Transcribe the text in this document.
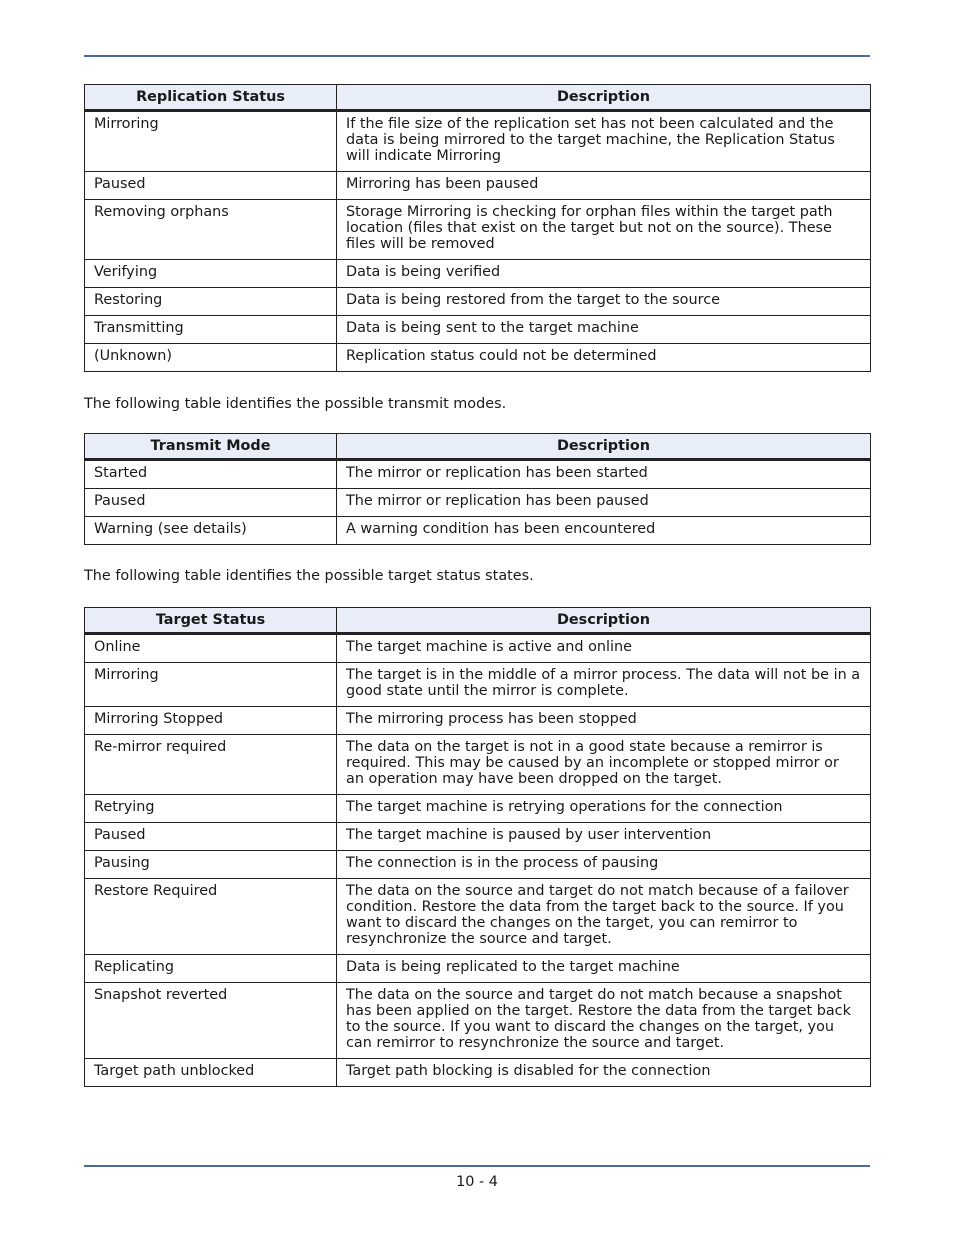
Replication Status	Description
Mirroring	If the file size of the replication set has not been calculated and the data is being mirrored to the target machine, the Replication Status will indicate Mirroring
Paused	Mirroring has been paused
Removing orphans	Storage Mirroring is checking for orphan files within the target path location (files that exist on the target but not on the source). These files will be removed
Verifying	Data is being verified
Restoring	Data is being restored from the target to the source
Transmitting	Data is being sent to the target machine
(Unknown)	Replication status could not be determined

The following table identifies the possible transmit modes.

Transmit Mode	Description
Started	The mirror or replication has been started
Paused	The mirror or replication has been paused
Warning (see details)	A warning condition has been encountered

The following table identifies the possible target status states.

Target Status	Description
Online	The target machine is active and online
Mirroring	The target is in the middle of a mirror process. The data will not be in a good state until the mirror is complete.
Mirroring Stopped	The mirroring process has been stopped
Re-mirror required	The data on the target is not in a good state because a remirror is required. This may be caused by an incomplete or stopped mirror or an operation may have been dropped on the target.
Retrying	The target machine is retrying operations for the connection
Paused	The target machine is paused by user intervention
Pausing	The connection is in the process of pausing
Restore Required	The data on the source and target do not match because of a failover condition. Restore the data from the target back to the source. If you want to discard the changes on the target, you can remirror to resynchronize the source and target.
Replicating	Data is being replicated to the target machine
Snapshot reverted	The data on the source and target do not match because a snapshot has been applied on the target. Restore the data from the target back to the source. If you want to discard the changes on the target, you can remirror to resynchronize the source and target.
Target path unblocked	Target path blocking is disabled for the connection
10 - 4
